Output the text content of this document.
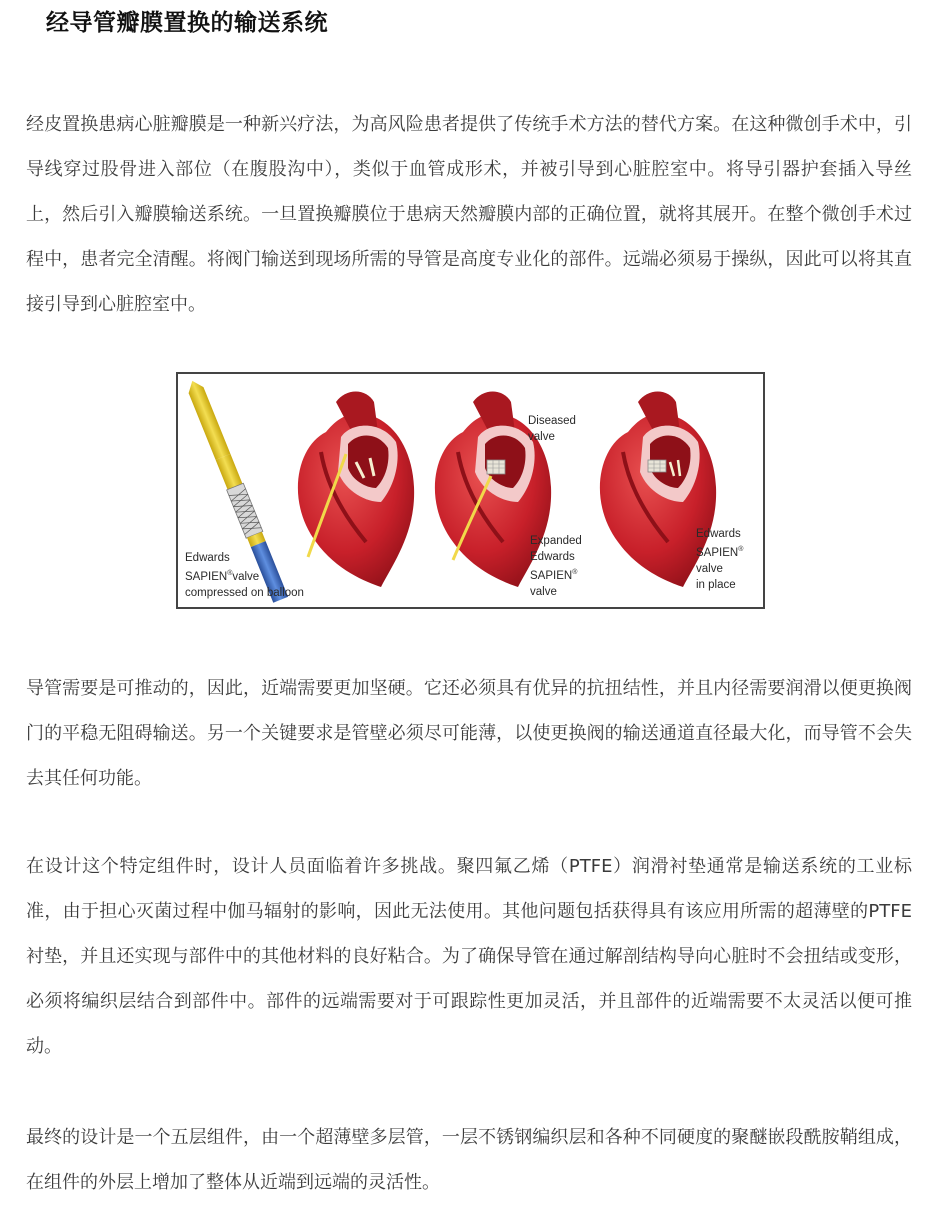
经导管瓣膜置换的输送系统

经皮置换患病心脏瓣膜是一种新兴疗法，为高风险患者提供了传统手术方法的替代方案。在这种微创手术中，引导线穿过股骨进入部位（在腹股沟中），类似于血管成形术，并被引导到心脏腔室中。将导引器护套插入导丝上，然后引入瓣膜输送系统。一旦置换瓣膜位于患病天然瓣膜内部的正确位置，就将其展开。在整个微创手术过程中，患者完全清醒。将阀门输送到现场所需的导管是高度专业化的部件。远端必须易于操纵，因此可以将其直接引导到心脏腔室中。

Edwards
SAPIEN®valve
compressed on balloon
Diseased
valve
Expanded
Edwards
SAPIEN®
valve
Edwards
SAPIEN®
valve
in place

导管需要是可推动的，因此，近端需要更加坚硬。它还必须具有优异的抗扭结性，并且内径需要润滑以便更换阀门的平稳无阻碍输送。另一个关键要求是管壁必须尽可能薄，以使更换阀的输送通道直径最大化，而导管不会失去其任何功能。

在设计这个特定组件时，设计人员面临着许多挑战。聚四氟乙烯（PTFE）润滑衬垫通常是输送系统的工业标准，由于担心灭菌过程中伽马辐射的影响，因此无法使用。其他问题包括获得具有该应用所需的超薄壁的PTFE衬垫，并且还实现与部件中的其他材料的良好粘合。为了确保导管在通过解剖结构导向心脏时不会扭结或变形，必须将编织层结合到部件中。部件的远端需要对于可跟踪性更加灵活，并且部件的近端需要不太灵活以便可推动。

最终的设计是一个五层组件，由一个超薄壁多层管，一层不锈钢编织层和各种不同硬度的聚醚嵌段酰胺鞘组成，在组件的外层上增加了整体从近端到远端的灵活性。
